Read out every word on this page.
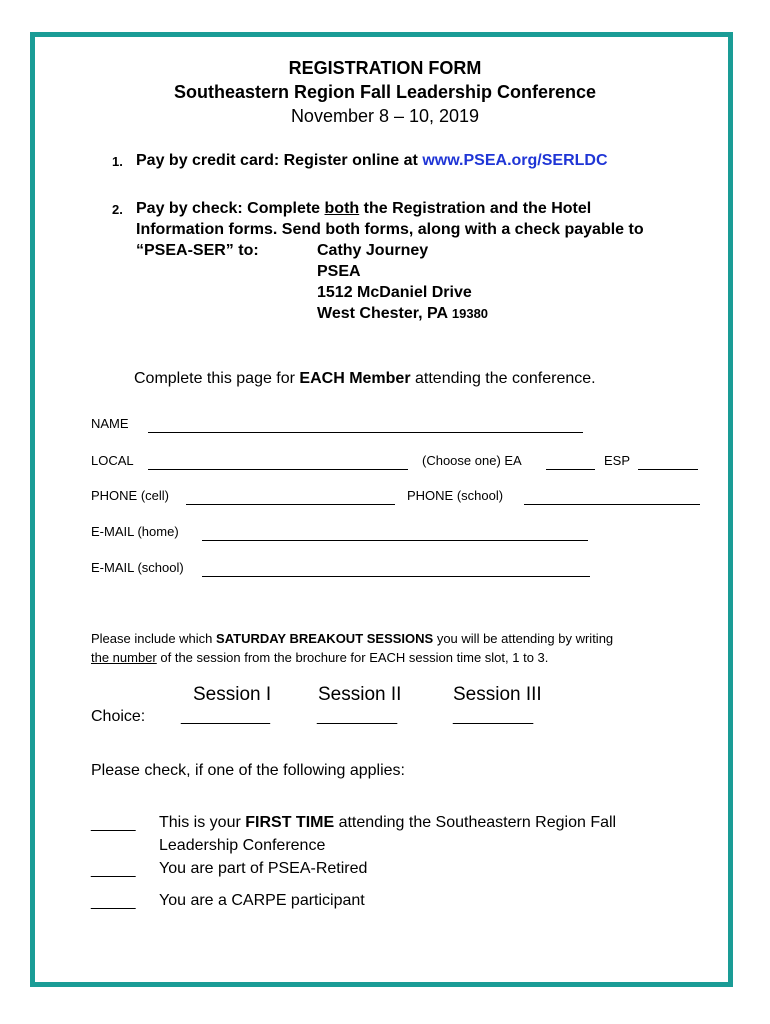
REGISTRATION FORM
Southeastern Region Fall Leadership Conference
November 8 – 10, 2019
1. Pay by credit card: Register online at www.PSEA.org/SERLDC
2. Pay by check: Complete both the Registration and the Hotel
Information forms. Send both forms, along with a check payable to
“PSEA-SER” to:	Cathy Journey
PSEA
1512 McDaniel Drive
West Chester, PA 19380
Complete this page for EACH Member attending the conference.
NAME
LOCAL	(Choose one) EA	ESP
PHONE (cell)	PHONE (school)
E-MAIL (home)
E-MAIL (school)
Please include which SATURDAY BREAKOUT SESSIONS you will be attending by writing
the number of the session from the brochure for EACH session time slot, 1 to 3.
Session I Session II	Session III
Choice: __________	_________	_________
Please check, if one of the following applies:
_____ This is your FIRST TIME attending the Southeastern Region Fall
Leadership Conference
_____ You are part of PSEA-Retired
_____ You are a CARPE participant
